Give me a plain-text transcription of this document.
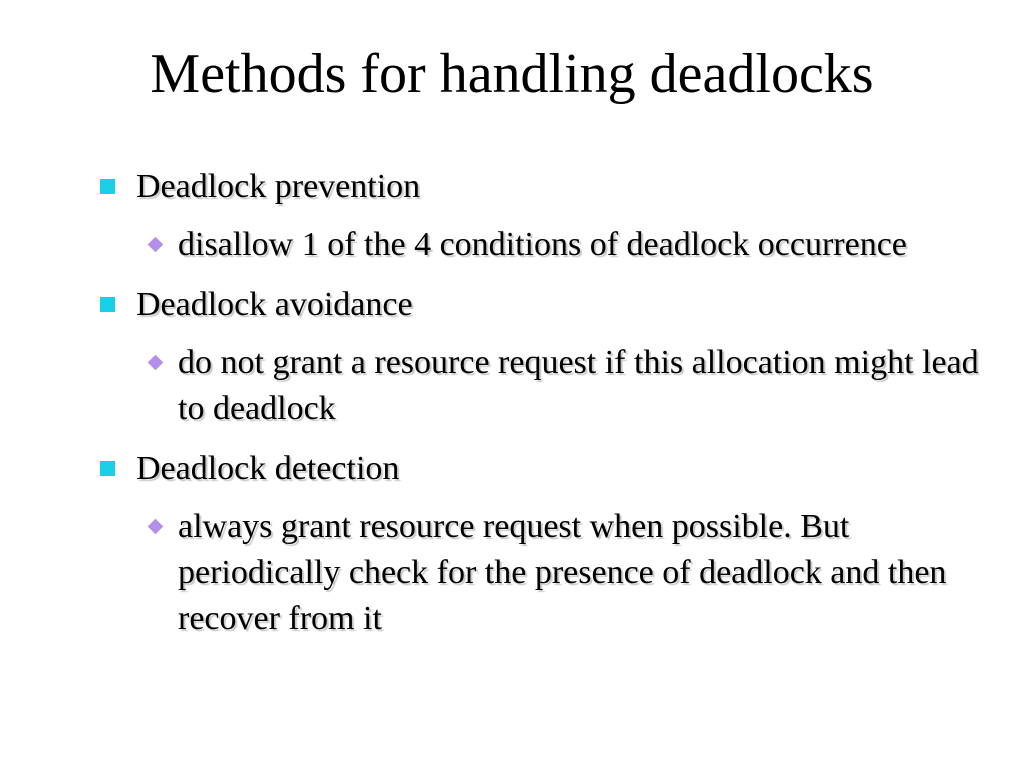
Methods for handling deadlocks
Deadlock prevention
disallow 1 of the 4 conditions of deadlock occurrence
Deadlock avoidance
do not grant a resource request if this allocation might lead to deadlock
Deadlock detection
always grant resource request when possible. But periodically check for the presence of deadlock and then recover from it
